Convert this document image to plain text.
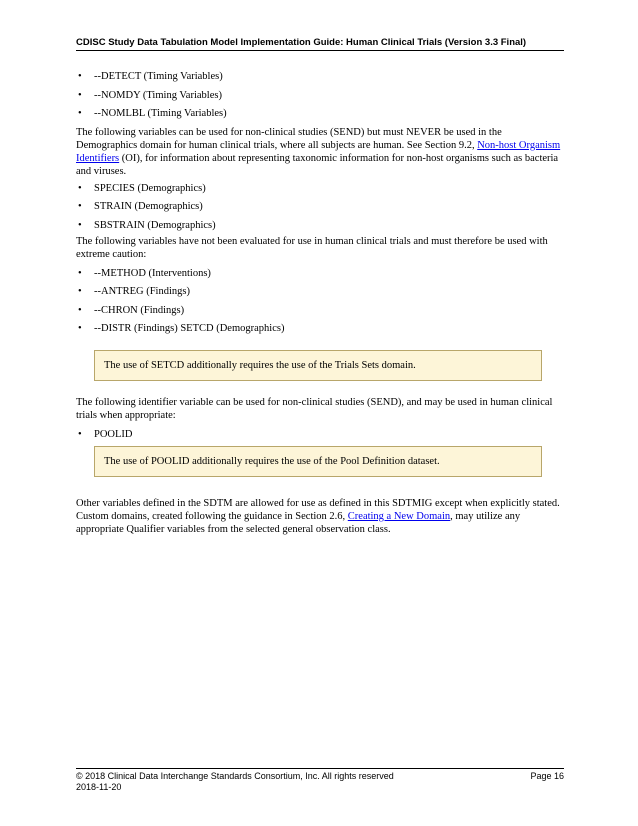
CDISC Study Data Tabulation Model Implementation Guide: Human Clinical Trials (Version 3.3 Final)
• --DETECT (Timing Variables)
• --NOMDY (Timing Variables)
• --NOMLBL (Timing Variables)

The following variables can be used for non-clinical studies (SEND) but must NEVER be used in the Demographics domain for human clinical trials, where all subjects are human. See Section 9.2, Non-host Organism Identifiers (OI), for information about representing taxonomic information for non-host organisms such as bacteria and viruses.

• SPECIES (Demographics)
• STRAIN (Demographics)
• SBSTRAIN (Demographics)

The following variables have not been evaluated for use in human clinical trials and must therefore be used with extreme caution:

• --METHOD (Interventions)
• --ANTREG (Findings)
• --CHRON (Findings)
• --DISTR (Findings) SETCD (Demographics)
The use of SETCD additionally requires the use of the Trials Sets domain.

The following identifier variable can be used for non-clinical studies (SEND), and may be used in human clinical trials when appropriate:

• POOLID
The use of POOLID additionally requires the use of the Pool Definition dataset.

Other variables defined in the SDTM are allowed for use as defined in this SDTMIG except when explicitly stated. Custom domains, created following the guidance in Section 2.6, Creating a New Domain, may utilize any appropriate Qualifier variables from the selected general observation class.

© 2018 Clinical Data Interchange Standards Consortium, Inc. All rights reserved	Page 16
2018-11-20
